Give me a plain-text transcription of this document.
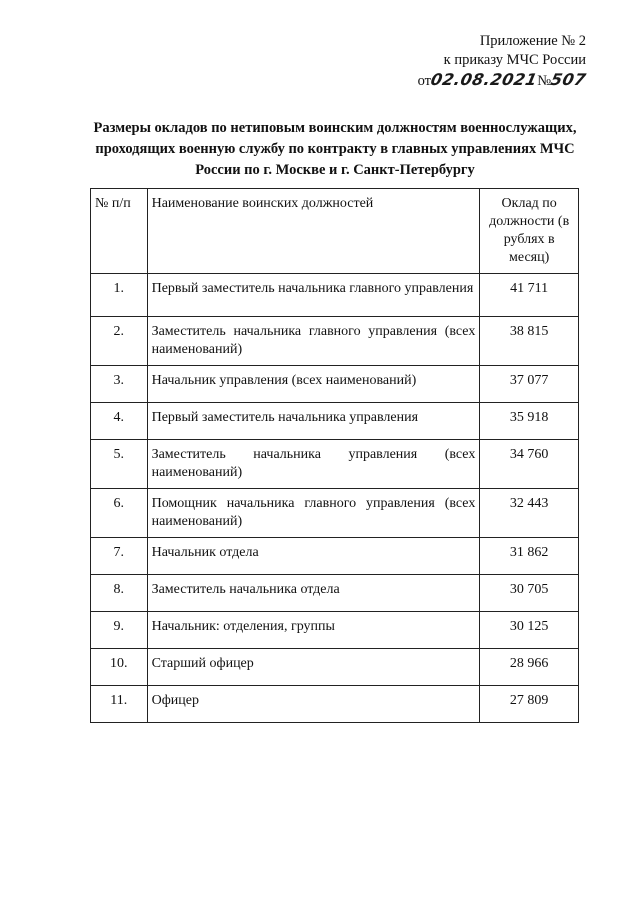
Приложение № 2
к приказу МЧС России
от02.08.2021№507
Размеры окладов по нетиповым воинским должностям военнослужащих, проходящих военную службу по контракту в главных управлениях МЧС России по г. Москве и г. Санкт-Петербургу
№ п/п	Наименование воинских должностей	Оклад по должности (в рублях в месяц)
1.	Первый заместитель начальника главного управления	41 711
2.	Заместитель начальника главного управления (всех наименований)	38 815
3.	Начальник управления (всех наименований)	37 077
4.	Первый заместитель начальника управления	35 918
5.	Заместитель начальника управления (всех наименований)	34 760
6.	Помощник начальника главного управления (всех наименований)	32 443
7.	Начальник отдела	31 862
8.	Заместитель начальника отдела	30 705
9.	Начальник: отделения, группы	30 125
10.	Старший офицер	28 966
11.	Офицер	27 809
